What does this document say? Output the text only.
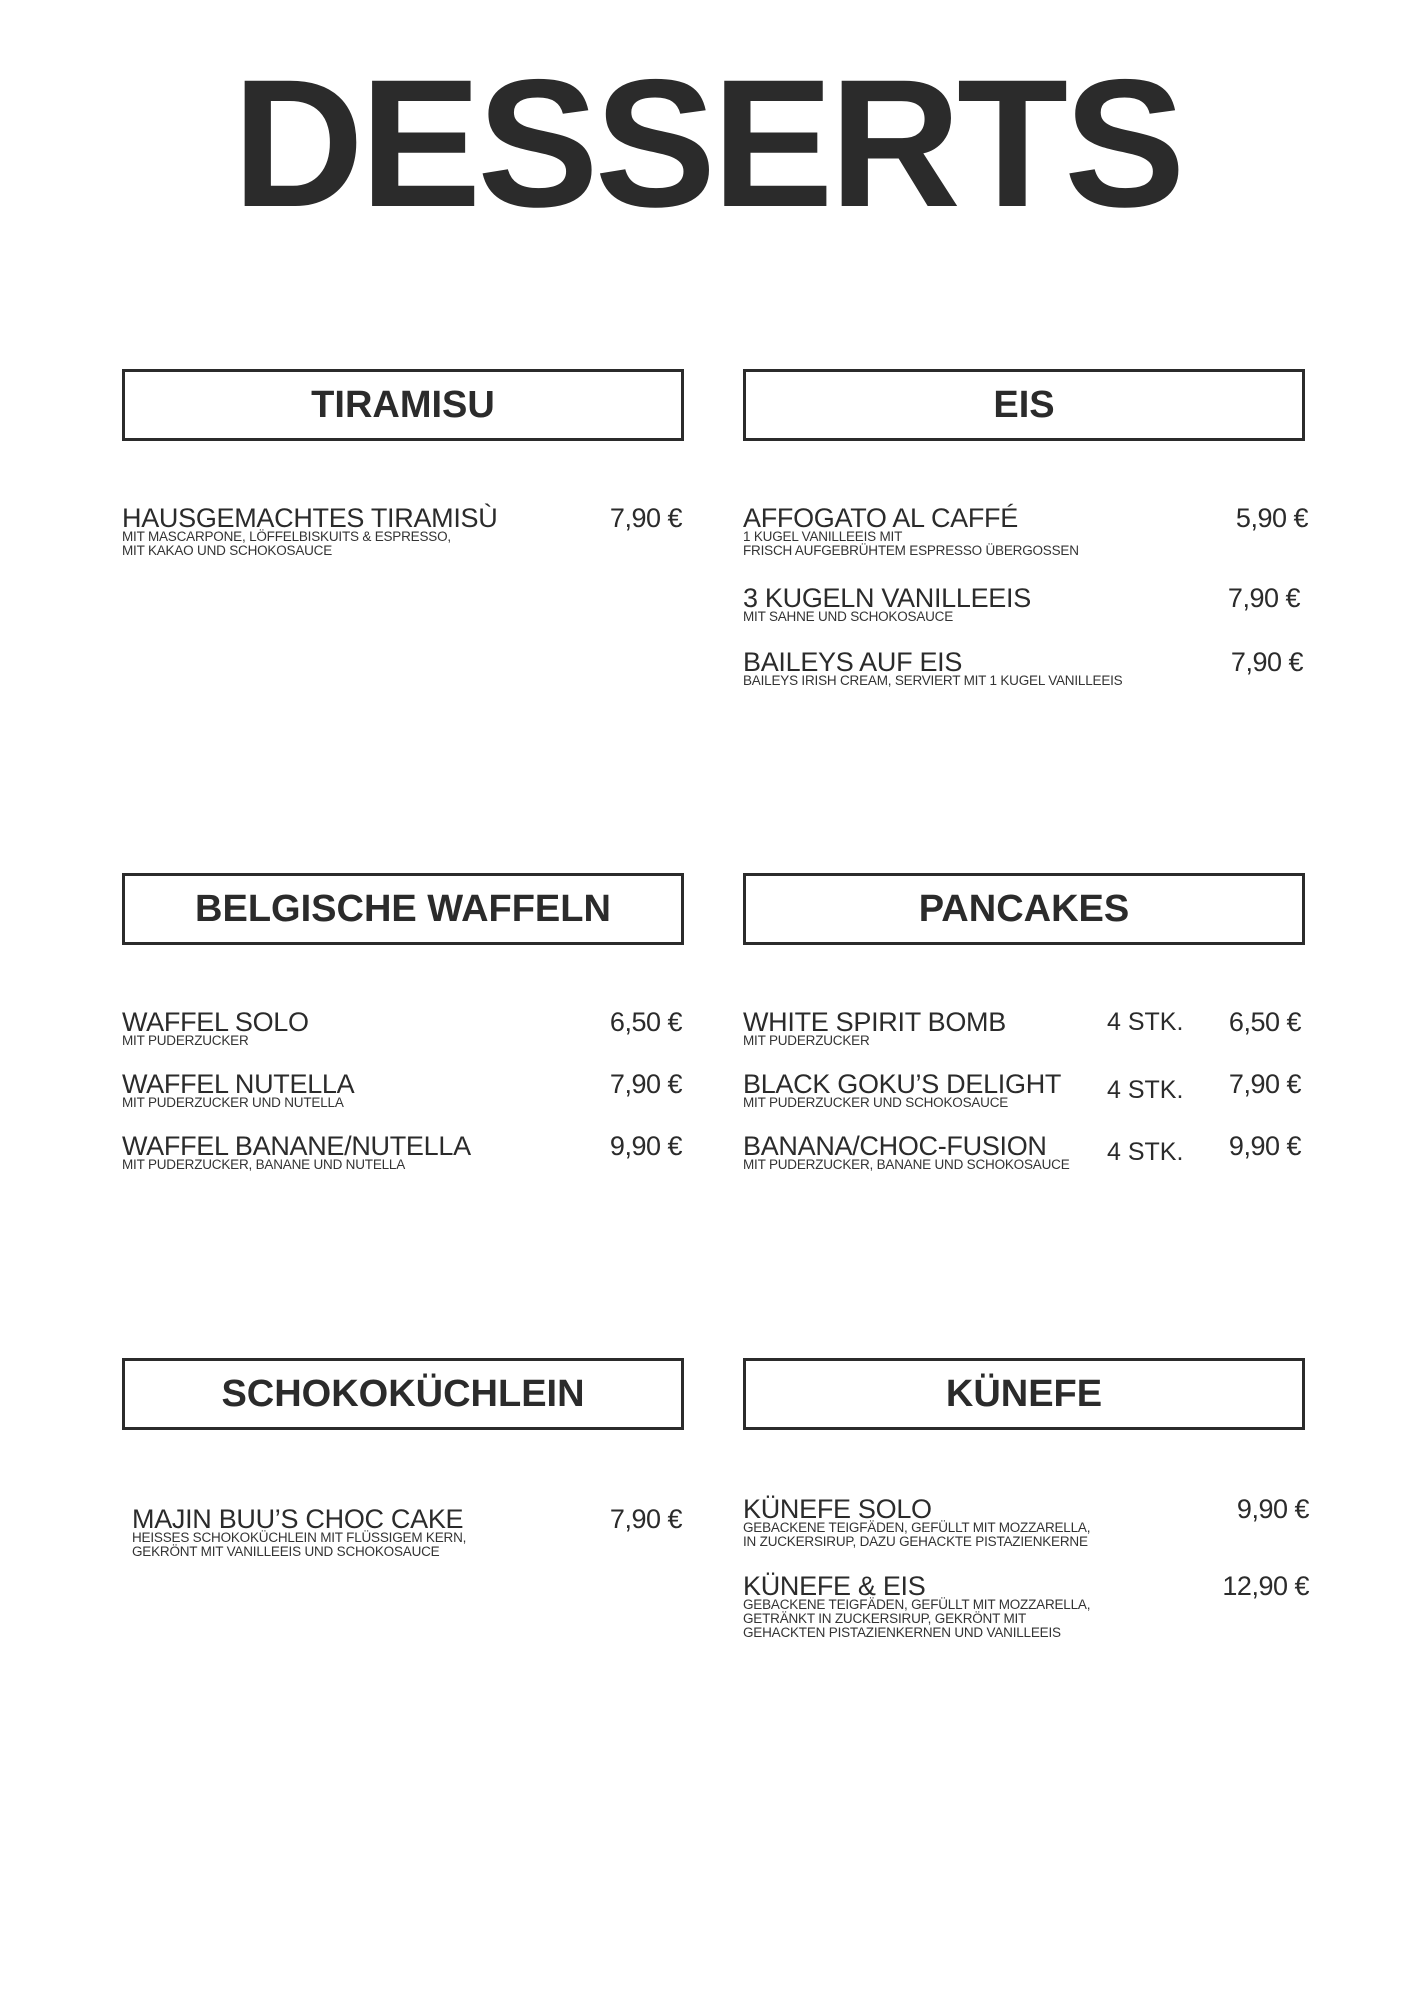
DESSERTS
TIRAMISU
HAUSGEMACHTES TIRAMISÙ
MIT MASCARPONE, LÖFFELBISKUITS & ESPRESSO,
MIT KAKAO UND SCHOKOSAUCE
7,90 €
EIS
AFFOGATO AL CAFFÉ
1 KUGEL VANILLEEIS MIT
FRISCH AUFGEBRÜHTEM ESPRESSO ÜBERGOSSEN
5,90 €
3 KUGELN VANILLEEIS
MIT SAHNE UND SCHOKOSAUCE
7,90 €
BAILEYS AUF EIS
BAILEYS IRISH CREAM, SERVIERT MIT 1 KUGEL VANILLEEIS
7,90 €
BELGISCHE WAFFELN
WAFFEL SOLO
MIT PUDERZUCKER
6,50 €
WAFFEL NUTELLA
MIT PUDERZUCKER UND NUTELLA
7,90 €
WAFFEL BANANE/NUTELLA
MIT PUDERZUCKER, BANANE UND NUTELLA
9,90 €
PANCAKES
WHITE SPIRIT BOMB
MIT PUDERZUCKER
4 STK. 6,50 €
BLACK GOKU’S DELIGHT
MIT PUDERZUCKER UND SCHOKOSAUCE	4 STK. 7,90 €
BANANA/CHOC-FUSION
MIT PUDERZUCKER, BANANE UND SCHOKOSAUCE 4 STK. 9,90 €
SCHOKOKÜCHLEIN
MAJIN BUU’S CHOC CAKE
HEISSES SCHOKOKÜCHLEIN MIT FLÜSSIGEM KERN,
GEKRÖNT MIT VANILLEEIS UND SCHOKOSAUCE
7,90 €
KÜNEFE
KÜNEFE SOLO
GEBACKENE TEIGFÄDEN, GEFÜLLT MIT MOZZARELLA,
IN ZUCKERSIRUP, DAZU GEHACKTE PISTAZIENKERNE
9,90 €
KÜNEFE & EIS
GEBACKENE TEIGFÄDEN, GEFÜLLT MIT MOZZARELLA,
GETRÄNKT IN ZUCKERSIRUP, GEKRÖNT MIT
GEHACKTEN PISTAZIENKERNEN UND VANILLEEIS
12,90 €
